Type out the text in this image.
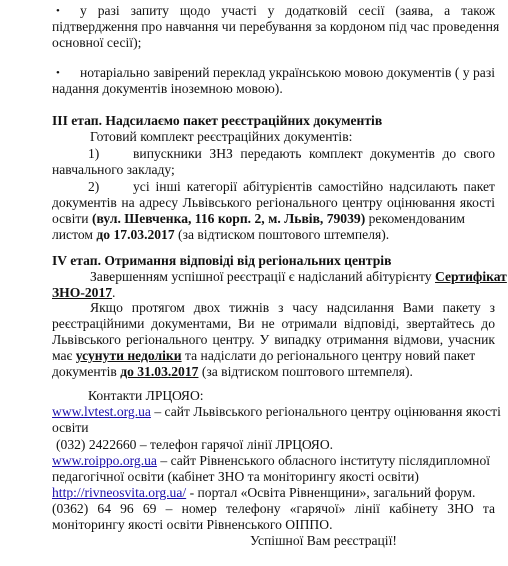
• у разі запиту щодо участі у додатковій сесії (заява, а також
підтвердження про навчання чи перебування за кордоном під час проведення
основної сесії);
• нотаріально завірений переклад українською мовою документів ( у разі
надання документів іноземною мовою).
ІІІ етап. Надсилаємо пакет реєстраційних документів
Готовий комплект реєстраційних документів:
1) випускники ЗНЗ передають комплект документів до свого
навчального закладу;
2) усі інші категорії абітурієнтів самостійно надсилають пакет
документів на адресу Львівського регіонального центру оцінювання якості
освіти (вул. Шевченка, 116 корп. 2, м. Львів, 79039) рекомендованим
листом до 17.03.2017 (за відтиском поштового штемпеля).
IV етап. Отримання відповіді від регіональних центрів
Завершенням успішної реєстрації є надісланий абітурієнту Сертифікат
ЗНО-2017.
Якщо протягом двох тижнів з часу надсилання Вами пакету з
реєстраційними документами, Ви не отримали відповіді, звертайтесь до
Львівського регіонального центру. У випадку отримання відмови, учасник
має усунути недоліки та надіслати до регіонального центру новий пакет
документів до 31.03.2017 (за відтиском поштового штемпеля).
Контакти ЛРЦОЯО:
www.lvtest.org.ua – сайт Львівського регіонального центру оцінювання якості
освіти
(032) 2422660 – телефон гарячої лінії ЛРЦОЯО.
www.roippo.org.ua – сайт Рівненського обласного інституту післядипломної
педагогічної освіти (кабінет ЗНО та моніторингу якості освіти)
http://rivneosvita.org.ua/ - портал «Освіта Рівненщини», загальний форум.
(0362) 64 96 69 – номер телефону «гарячої» лінії кабінету ЗНО та
моніторингу якості освіти Рівненського ОІППО.
Успішної Вам реєстрації!
